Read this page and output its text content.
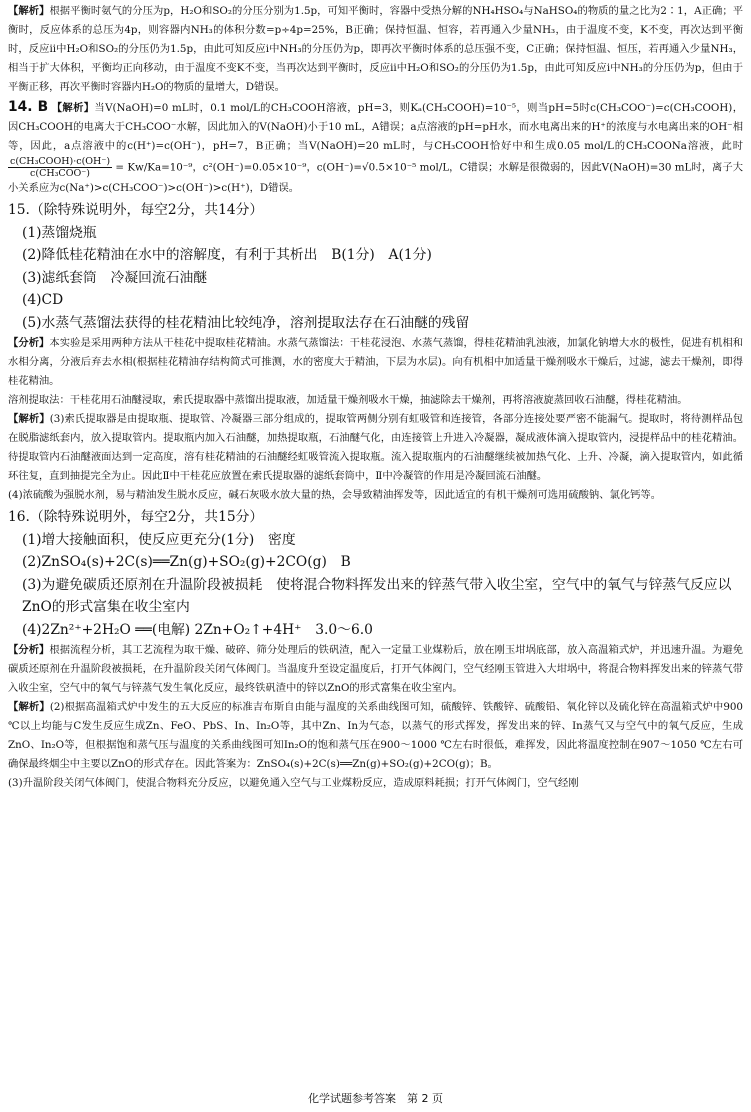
【解析】根据平衡时氨气的分压为p，H₂O和SO₂的分压分别为1.5p，可知平衡时，容器中受热分解的NH₄HSO₄与NaHSO₄的物质的量之比为2∶1，A正确；平衡时，反应体系的总压为4p，则容器内NH₃的体积分数=p÷4p=25%，B正确；保持恒温、恒容，若再通入少量NH₃，由于温度不变，K不变，再次达到平衡时，反应ii中H₂O和SO₂的分压仍为1.5p，由此可知反应i中NH₃的分压仍为p，即再次平衡时体系的总压强不变，C正确；保持恒温、恒压，若再通入少量NH₃，相当于扩大体积，平衡均正向移动，由于温度不变K不变，当再次达到平衡时，反应ii中H₂O和SO₂的分压仍为1.5p，由此可知反应i中NH₃的分压仍为p，但由于平衡正移，再次平衡时容器内H₂O的物质的量增大，D错误。

14. B 【解析】当V(NaOH)=0 mL时，0.1 mol/L的CH₃COOH溶液，pH=3，则Kₐ(CH₃COOH)=10⁻⁵，则当pH=5时c(CH₃COO⁻)=c(CH₃COOH)，因CH₃COOH的电离大于CH₃COO⁻水解，因此加入的V(NaOH)小于10 mL，A错误；a点溶液的pH=pH水，而水电离出来的H⁺的浓度与水电离出来的OH⁻相等，因此，a点溶液中的c(H⁺)=c(OH⁻)，pH=7，B正确；当V(NaOH)=20 mL时，与CH₃COOH恰好中和生成0.05 mol/L的CH₃COONa溶液，此时
$\frac{\text{c(CH₃COOH)·c(OH⁻)}}{\text{c(CH₃COO⁻)}} = Kw/Ka=10^{-9}$，c²(OH⁻)=0.05×10⁻⁹，c(OH⁻)=√0.5×10⁻⁵ mol/L，C错误；水解是很微弱的，因此V(NaOH)=30 mL时，离子大小关系应为c(Na⁺)>c(CH₃COO⁻)>c(OH⁻)>c(H⁺)，D错误。

15.（除特殊说明外，每空2分，共14分）

(1)蒸馏烧瓶

(2)降低桂花精油在水中的溶解度，有利于其析出　B(1分)　A(1分)

(3)滤纸套筒　冷凝回流石油醚

(4)CD

(5)水蒸气蒸馏法获得的桂花精油比较纯净，溶剂提取法存在石油醚的残留

【分析】本实验是采用两种方法从干桂花中提取桂花精油。水蒸气蒸馏法：干桂花浸泡、水蒸气蒸馏，得桂花精油乳浊液，加氯化钠增大水的极性，促进有机相和水相分离，分液后弃去水相(根据桂花精油存结构简式可推测，水的密度大于精油，下层为水层)。向有机相中加适量干燥剂吸水干燥后，过滤，滤去干燥剂，即得桂花精油。

溶剂提取法：干桂花用石油醚浸取，索氏提取器中蒸馏出提取液，加适量干燥剂吸水干燥，抽滤除去干燥剂，再将溶液旋蒸回收石油醚，得桂花精油。

【解析】(3)索氏提取器是由提取瓶、提取管、冷凝器三部分组成的，提取管两侧分别有虹吸管和连接管，各部分连接处要严密不能漏气。提取时，将待测样品包在脱脂滤纸套内，放入提取管内。提取瓶内加入石油醚，加热提取瓶，石油醚气化，由连接管上升进入冷凝器，凝成液体滴入提取管内，浸提样品中的桂花精油。待提取管内石油醚液面达到一定高度，溶有桂花精油的石油醚经虹吸管流入提取瓶。流入提取瓶内的石油醚继续被加热气化、上升、冷凝，滴入提取管内，如此循环往复，直到抽提完全为止。因此Ⅱ中干桂花应放置在索氏提取器的滤纸套筒中，Ⅱ中冷凝管的作用是冷凝回流石油醚。

(4)浓硫酸为强脱水剂，易与精油发生脱水反应，碱石灰吸水放大量的热，会导致精油挥发等，因此适宜的有机干燥剂可选用硫酸钠、氯化钙等。

16.（除特殊说明外，每空2分，共15分）

(1)增大接触面积，使反应更充分(1分)　密度

(2)ZnSO₄(s)+2C(s)══Zn(g)+SO₂(g)+2CO(g)　B

(3)为避免碳质还原剂在升温阶段被损耗　使将混合物料挥发出来的锌蒸气带入收尘室，空气中的氧气与锌蒸气反应以ZnO的形式富集在收尘室内

(4)2Zn²⁺+2H₂O ══(电解) 2Zn+O₂↑+4H⁺　3.0～6.0

【分析】根据流程分析，其工艺流程为取干燥、破碎、筛分处理后的铁矾渣，配入一定量工业煤粉后，放在刚玉坩埚底部，放入高温箱式炉，并迅速升温。为避免碳质还原剂在升温阶段被损耗，在升温阶段关闭气体阀门。当温度升至设定温度后，打开气体阀门，空气经刚玉管进入大坩埚中，将混合物料挥发出来的锌蒸气带入收尘室，空气中的氧气与锌蒸气发生氧化反应，最终铁矾渣中的锌以ZnO的形式富集在收尘室内。

【解析】(2)根据高温箱式炉中发生的五大反应的标准吉布斯自由能与温度的关系曲线图可知，硫酸锌、铁酸锌、硫酸铅、氧化锌以及硫化锌在高温箱式炉中900 ℃以上均能与C发生反应生成Zn、FeO、PbS、In、In₂O等，其中Zn、In为气态，以蒸气的形式挥发，挥发出来的锌、In蒸气又与空气中的氧气反应，生成ZnO、In₂O等，但根据饱和蒸气压与温度的关系曲线图可知In₂O的饱和蒸气压在900～1000 ℃左右时很低，难挥发，因此将温度控制在907～1050 ℃左右可确保最终烟尘中主要以ZnO的形式存在。因此答案为：ZnSO₄(s)+2C(s)══Zn(g)+SO₂(g)+2CO(g)；B。

(3)升温阶段关闭气体阀门，使混合物料充分反应，以避免通入空气与工业煤粉反应，造成原料耗损；打开气体阀门，空气经刚

化学试题参考答案　第 2 页
